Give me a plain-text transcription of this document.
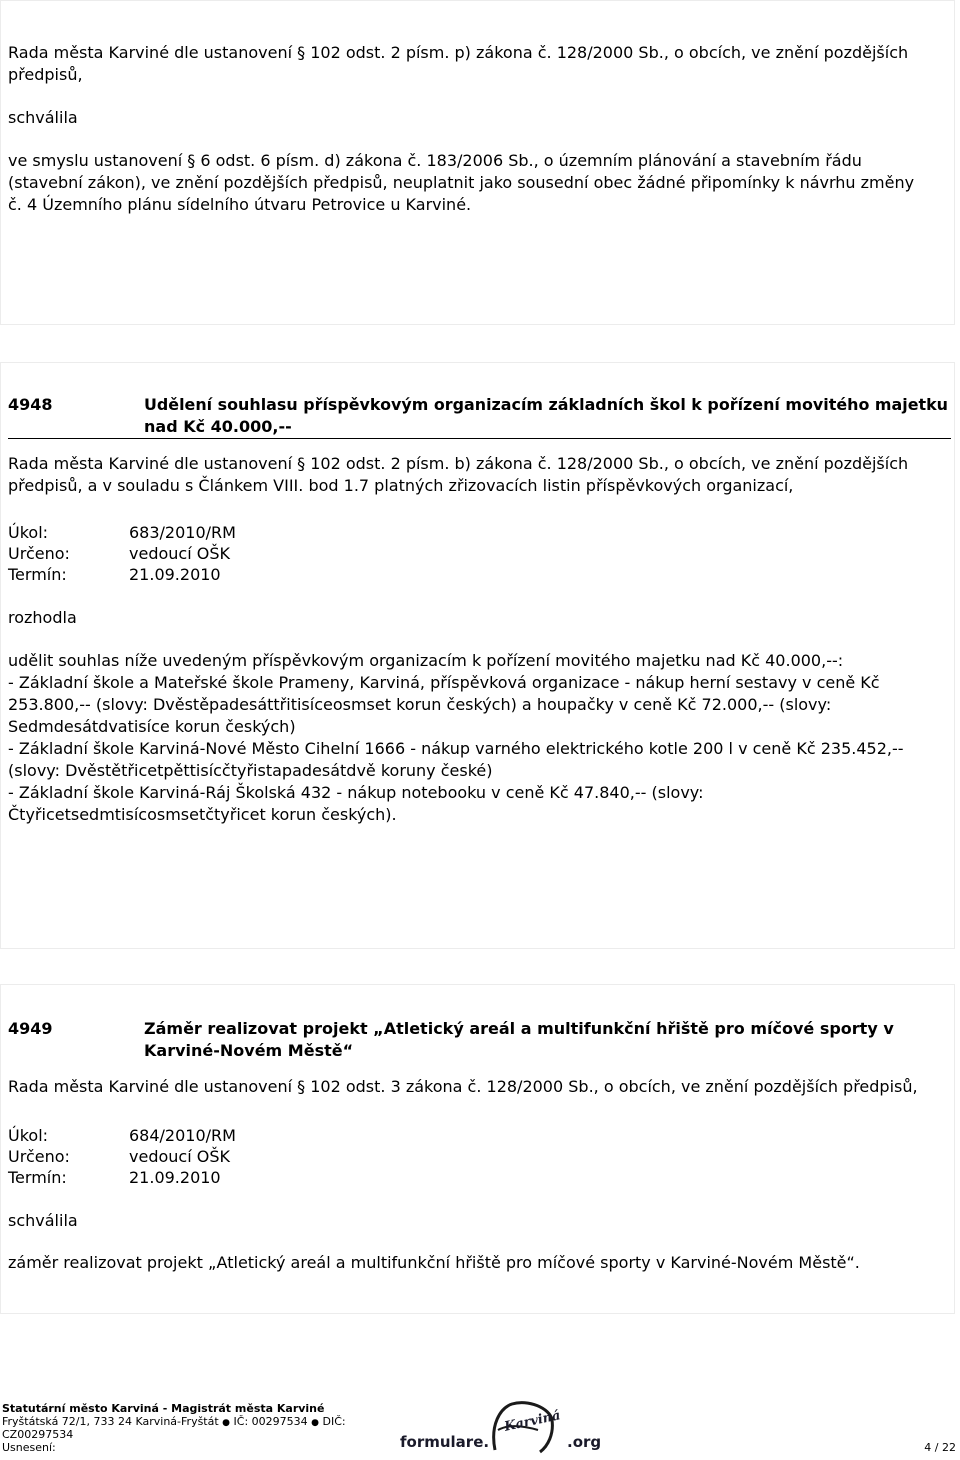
Rada města Karviné dle ustanovení § 102 odst. 2 písm. p) zákona č. 128/2000 Sb., o obcích, ve znění pozdějších
předpisů,
schválila
ve smyslu ustanovení § 6 odst. 6 písm. d) zákona č. 183/2006 Sb., o územním plánování a stavebním řádu
(stavební zákon), ve znění pozdějších předpisů, neuplatnit jako sousední obec žádné připomínky k návrhu změny
č. 4 Územního plánu sídelního útvaru Petrovice u Karviné.
4948	Udělení souhlasu příspěvkovým organizacím základních škol k pořízení movitého majetku
nad Kč 40.000,--
Rada města Karviné dle ustanovení § 102 odst. 2 písm. b) zákona č. 128/2000 Sb., o obcích, ve znění pozdějších
předpisů, a v souladu s Článkem VIII. bod 1.7 platných zřizovacích listin příspěvkových organizací,
Úkol:	683/2010/RM
Určeno:	vedoucí OŠK
Termín:	21.09.2010
rozhodla
udělit souhlas níže uvedeným příspěvkovým organizacím k pořízení movitého majetku nad Kč 40.000,--:
- Základní škole a Mateřské škole Prameny, Karviná, příspěvková organizace - nákup herní sestavy v ceně Kč
253.800,-- (slovy: Dvěstěpadesáttřitisíceosmset korun českých) a houpačky v ceně Kč 72.000,-- (slovy:
Sedmdesátdvatisíce korun českých)
- Základní škole Karviná-Nové Město Cihelní 1666 - nákup varného elektrického kotle 200 l v ceně Kč 235.452,--
(slovy: Dvěstětřicetpěttisícčtyřistapadesátdvě koruny české)
- Základní škole Karviná-Ráj Školská 432 - nákup notebooku v ceně Kč 47.840,-- (slovy:
Čtyřicetsedmtisícosmsetčtyřicet korun českých).
4949	Záměr realizovat projekt „Atletický areál a multifunkční hřiště pro míčové sporty v
Karviné-Novém Městě“
Rada města Karviné dle ustanovení § 102 odst. 3 zákona č. 128/2000 Sb., o obcích, ve znění pozdějších předpisů,
Úkol:	684/2010/RM
Určeno:	vedoucí OŠK
Termín:	21.09.2010
schválila
záměr realizovat projekt „Atletický areál a multifunkční hřiště pro míčové sporty v Karviné-Novém Městě“.
Statutární město Karviná - Magistrát města Karviné
Fryštátská 72/1, 733 24 Karviná-Fryštát ● IČ: 00297534 ● DIČ:
CZ00297534
Usnesení:	formulare.
Karviná
.org	4 / 22
